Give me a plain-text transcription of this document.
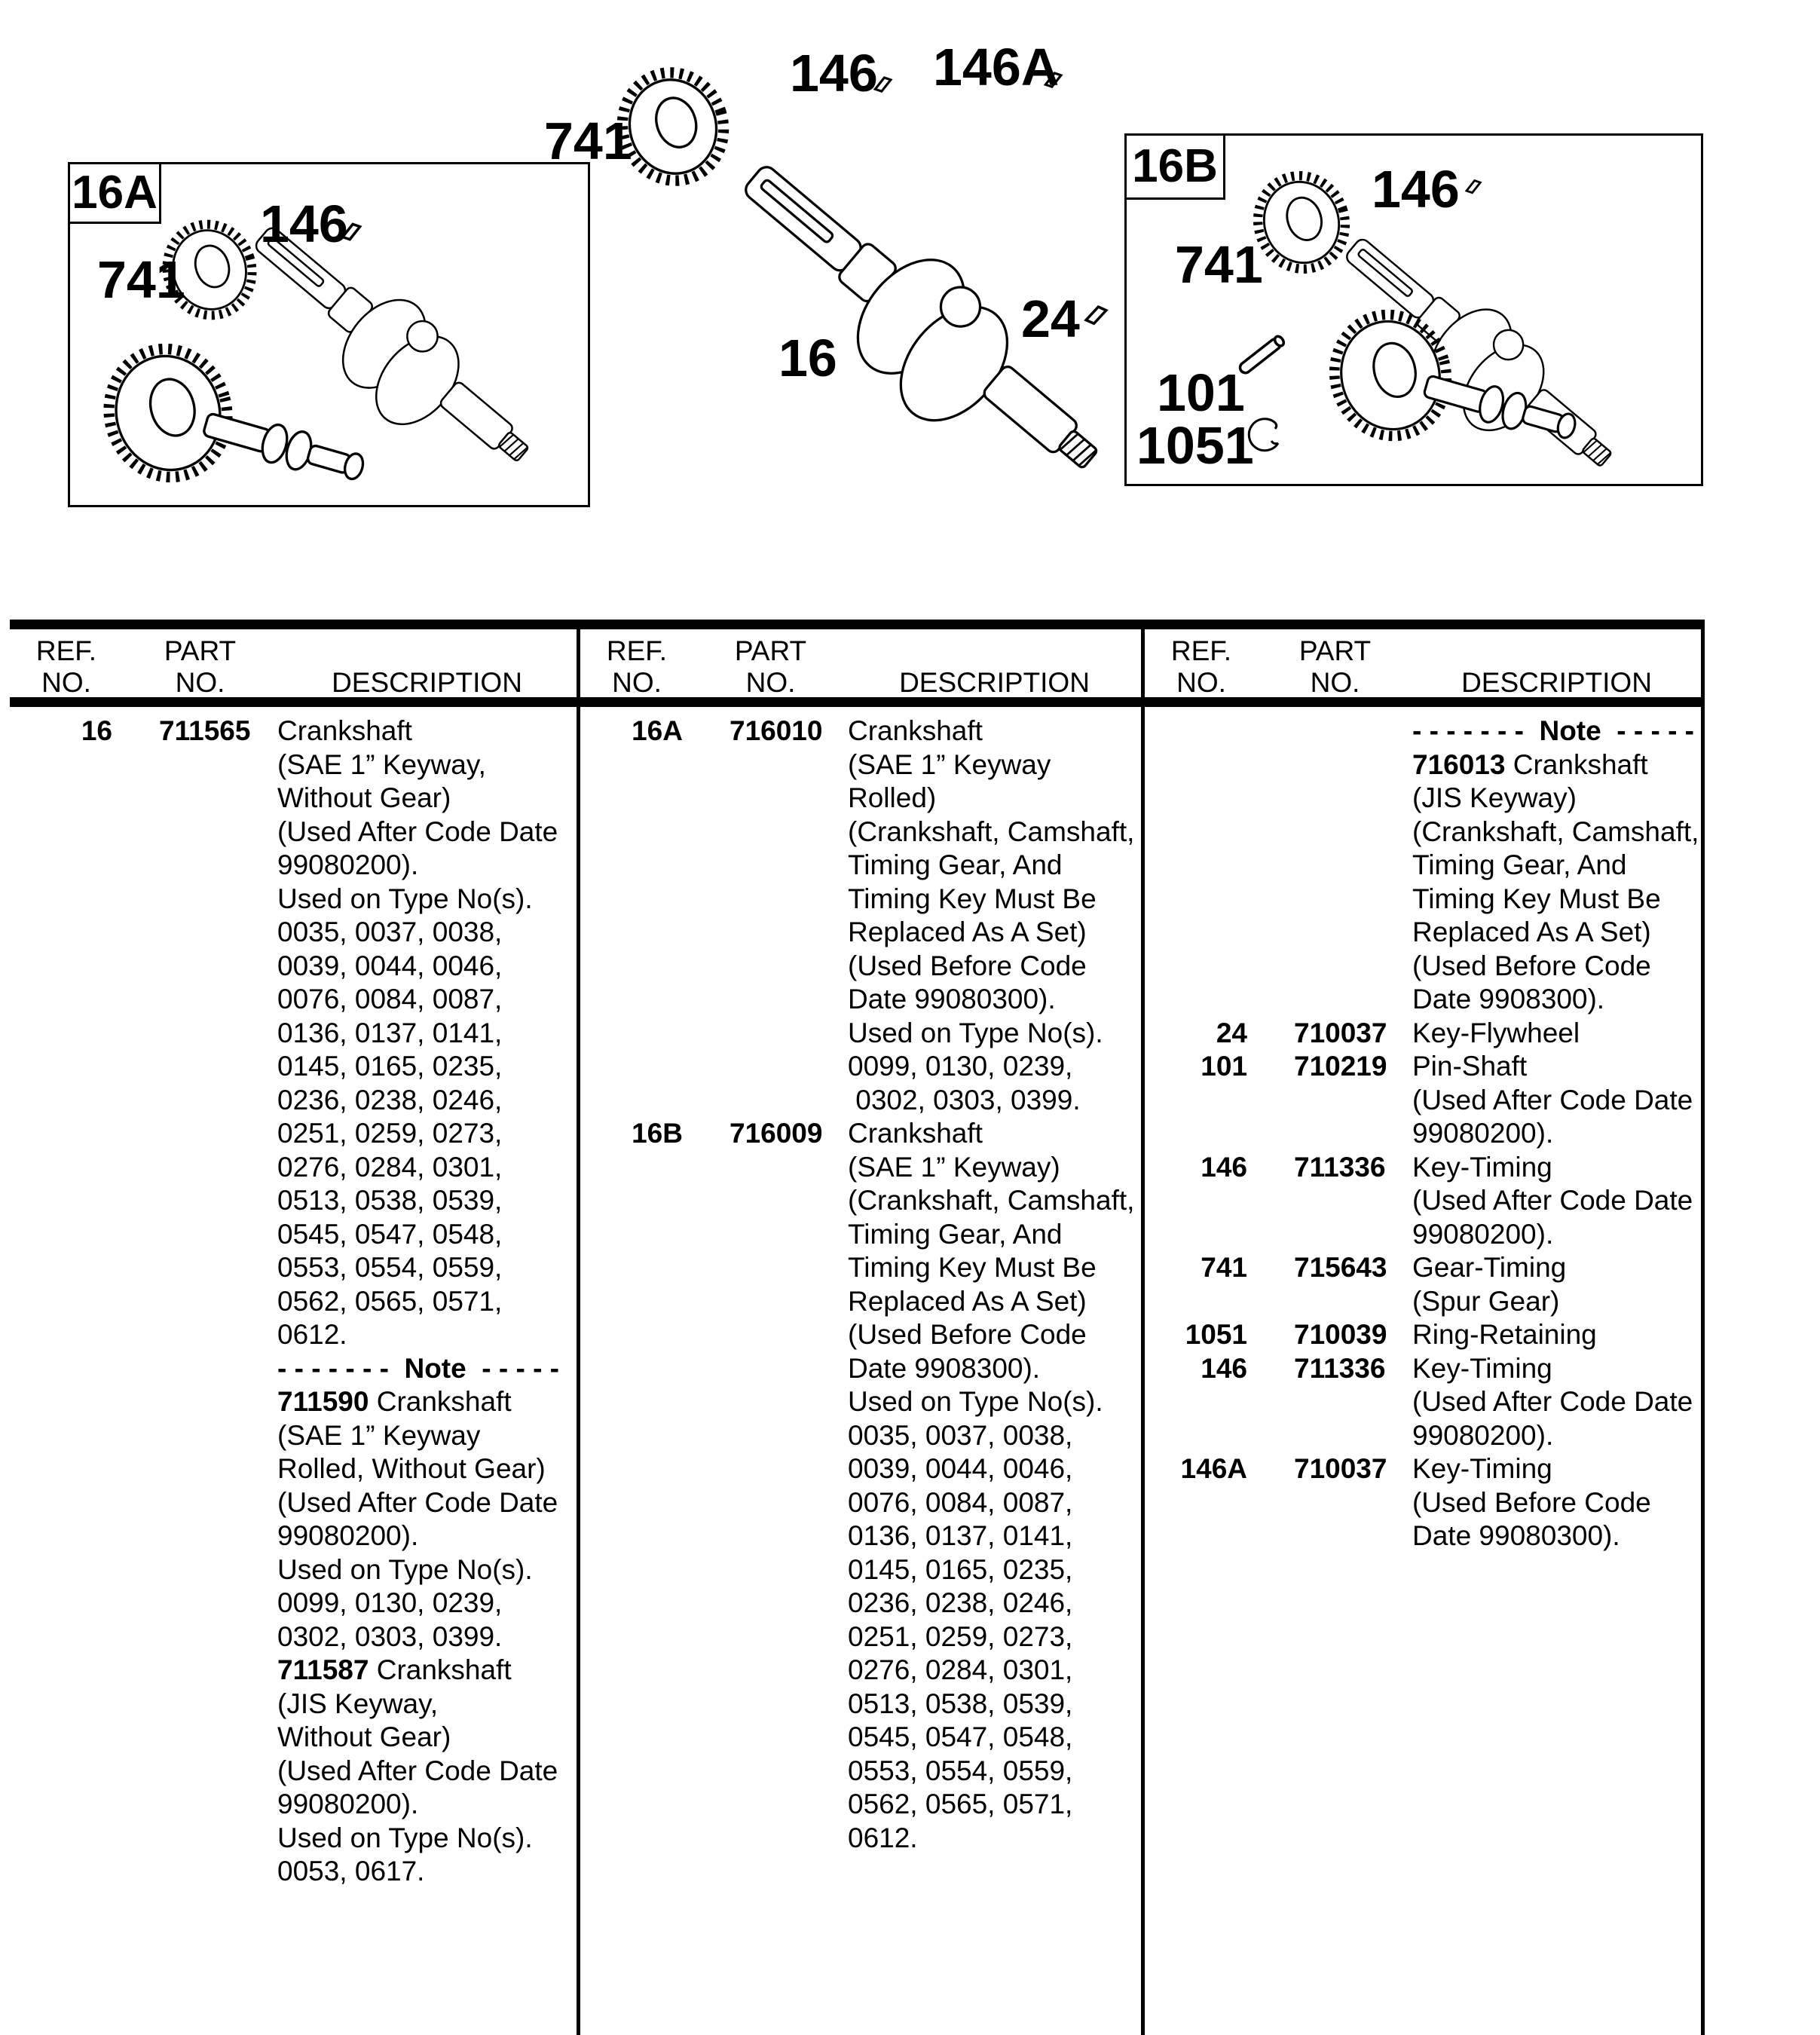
16A
741
146
741
146 146A
16
24
16B	146
741
101
1051
REF.
NO.
PART
NO.	DESCRIPTION
REF.
NO.
PART
NO.	DESCRIPTION
REF.
NO.
PART
NO.	DESCRIPTION
16	711565 Crankshaft
(SAE 1” Keyway,
Without Gear)
(Used After Code Date
99080200).
Used on Type No(s).
0035, 0037, 0038,
0039, 0044, 0046,
0076, 0084, 0087,
0136, 0137, 0141,
0145, 0165, 0235,
0236, 0238, 0246,
0251, 0259, 0273,
0276, 0284, 0301,
0513, 0538, 0539,
0545, 0547, 0548,
0553, 0554, 0559,
0562, 0565, 0571,
0612.
- - - - - - -  Note  - - - - -
711590 Crankshaft
(SAE 1” Keyway
Rolled, Without Gear)
(Used After Code Date
99080200).
Used on Type No(s).
0099, 0130, 0239,
0302, 0303, 0399.
711587 Crankshaft
(JIS Keyway,
Without Gear)
(Used After Code Date
99080200).
Used on Type No(s).
0053, 0617.
16A	716010 Crankshaft
(SAE 1” Keyway
Rolled)
(Crankshaft, Camshaft,
Timing Gear, And
Timing Key Must Be
Replaced As A Set)
(Used Before Code
Date 99080300).
Used on Type No(s).
0099, 0130, 0239,
0302, 0303, 0399.
16B	716009 Crankshaft
(SAE 1” Keyway)
(Crankshaft, Camshaft,
Timing Gear, And
Timing Key Must Be
Replaced As A Set)
(Used Before Code
Date 9908300).
Used on Type No(s).
0035, 0037, 0038,
0039, 0044, 0046,
0076, 0084, 0087,
0136, 0137, 0141,
0145, 0165, 0235,
0236, 0238, 0246,
0251, 0259, 0273,
0276, 0284, 0301,
0513, 0538, 0539,
0545, 0547, 0548,
0553, 0554, 0559,
0562, 0565, 0571,
0612.
- - - - - - -  Note  - - - - -
716013 Crankshaft
(JIS Keyway)
(Crankshaft, Camshaft,
Timing Gear, And
Timing Key Must Be
Replaced As A Set)
(Used Before Code
Date 9908300).
24	710037 Key-Flywheel
101	710219 Pin-Shaft
(Used After Code Date
99080200).
146	711336 Key-Timing
(Used After Code Date
99080200).
741	715643 Gear-Timing
(Spur Gear)
1051	710039 Ring-Retaining
146	711336 Key-Timing
(Used After Code Date
99080200).
146A	710037 Key-Timing
(Used Before Code
Date 99080300).
